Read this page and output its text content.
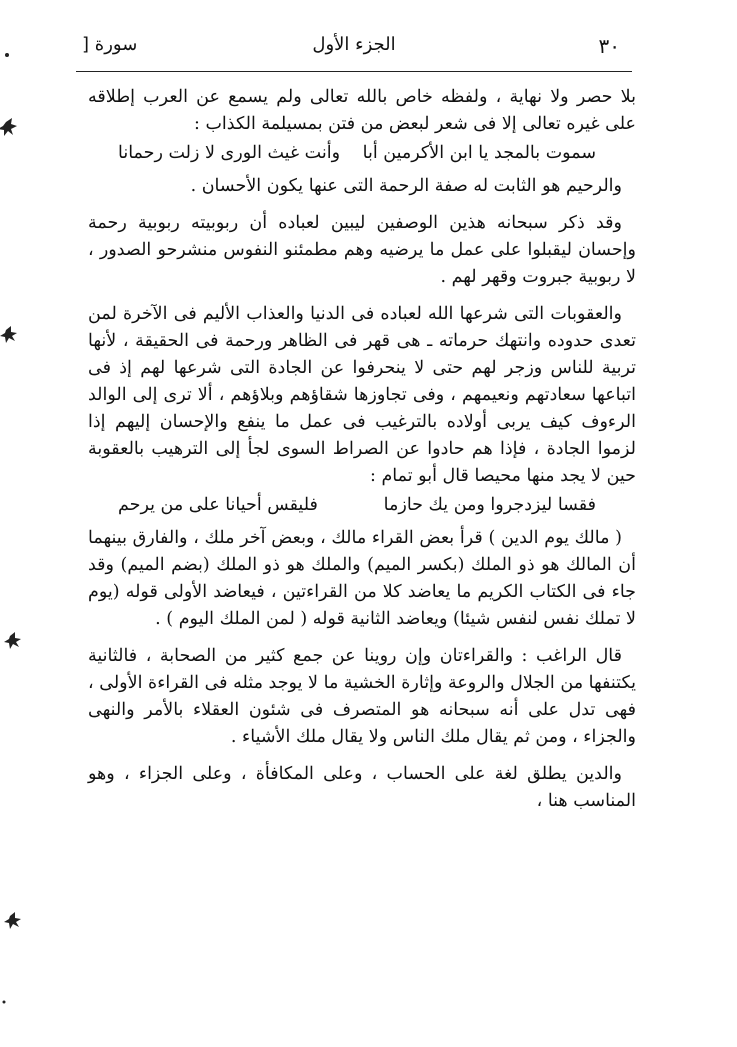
٣٠
الجزء الأول
سورة [

بلا حصر ولا نهاية ، ولفظه خاص بالله تعالى ولم يسمع عن العرب إطلاقه على غيره تعالى إلا فى شعر لبعض من فتن بمسيلمة الكذاب :

سموت بالمجد يا ابن الأكرمين أبا
وأنت غيث الورى لا زلت رحمانا

والرحيم هو الثابت له صفة الرحمة التى عنها يكون الأحسان .

وقد ذكر سبحانه هذين الوصفين ليبين لعباده أن ربوبيته ربوبية رحمة وإحسان ليقبلوا على عمل ما يرضيه وهم مطمئنو النفوس منشرحو الصدور ، لا ربوبية جبروت وقهر لهم .

والعقوبات التى شرعها الله لعباده فى الدنيا والعذاب الأليم فى الآخرة لمن تعدى حدوده وانتهك حرماته ـ هى قهر فى الظاهر ورحمة فى الحقيقة ، لأنها تربية للناس وزجر لهم حتى لا ينحرفوا عن الجادة التى شرعها لهم إذ فى اتباعها سعادتهم ونعيمهم ، وفى تجاوزها شقاؤهم وبلاؤهم ، ألا ترى إلى الوالد الرءوف كيف يربى أولاده بالترغيب فى عمل ما ينفع والإحسان إليهم إذا لزموا الجادة ، فإذا هم حادوا عن الصراط السوى لجأ إلى الترهيب بالعقوبة حين لا يجد منها محيصا قال أبو تمام :

فقسا ليزدجروا ومن يك حازما
فليقس أحيانا على من يرحم

( مالك يوم الدين ) قرأ بعض القراء مالك ، وبعض آخر ملك ، والفارق بينهما أن المالك هو ذو الملك (بكسر الميم) والملك هو ذو الملك (بضم الميم) وقد جاء فى الكتاب الكريم ما يعاضد كلا من القراءتين ، فيعاضد الأولى قوله (يوم لا تملك نفس لنفس شيئا) ويعاضد الثانية قوله ( لمن الملك اليوم ) .

قال الراغب : والقراءتان وإن روينا عن جمع كثير من الصحابة ، فالثانية يكتنفها من الجلال والروعة وإثارة الخشية ما لا يوجد مثله فى القراءة الأولى ، فهى تدل على أنه سبحانه هو المتصرف فى شئون العقلاء بالأمر والنهى والجزاء ، ومن ثم يقال ملك الناس ولا يقال ملك الأشياء .

والدين يطلق لغة على الحساب ، وعلى المكافأة ، وعلى الجزاء ، وهو المناسب هنا ،
